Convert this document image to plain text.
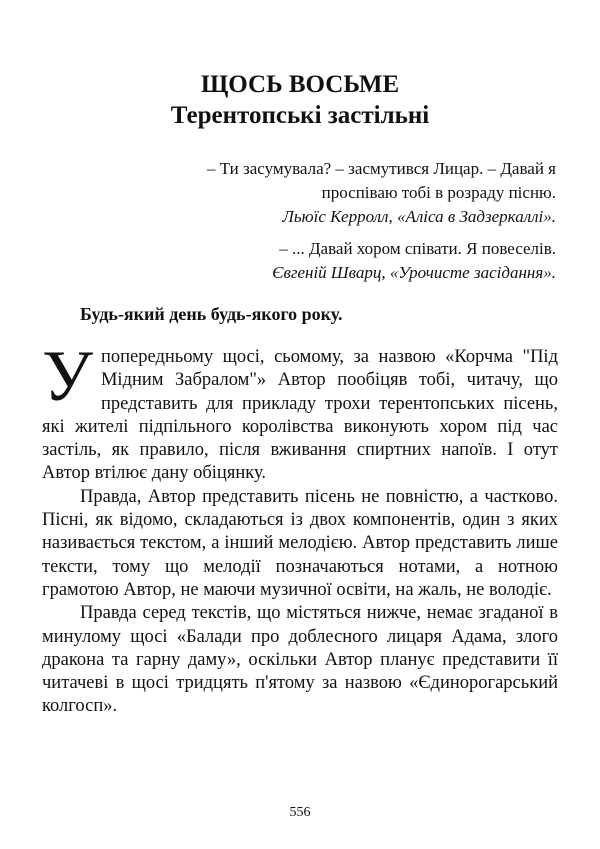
ЩОСЬ ВОСЬМЕ
Терентопські застільні

– Ти засумувала? – засмутився Лицар. – Давай я

проспіваю тобі в розраду пісню.

Льюїс Керролл, «Аліса в Задзеркаллі».

– ... Давай хором співати. Я повеселів.

Євгеній Шварц, «Урочисте засідання».

Будь-який день будь-якого року.

Упопередньому щосі, сьомому, за назвою «Корчма "Під Мідним Забралом"» Автор пообіцяв тобі, читачу, що представить для прикладу трохи терентопських пісень, які жителі підпільного королівства виконують хором під час застіль, як правило, після вживання спиртних напоїв. І отут Автор втілює дану обіцянку.

Правда, Автор представить пісень не повністю, а частково. Пісні, як відомо, складаються із двох компонентів, один з яких називається текстом, а інший мелодією. Автор представить лише тексти, тому що мелодії позначаються нотами, а нотною грамотою Автор, не маючи музичної освіти, на жаль, не володіє.

Правда серед текстів, що містяться нижче, немає згаданої в минулому щосі «Балади про доблесного лицаря Адама, злого дракона та гарну даму», оскільки Автор планує представити її читачеві в щосі тридцять п'ятому за назвою «Єдинорогарський колгосп».

556
